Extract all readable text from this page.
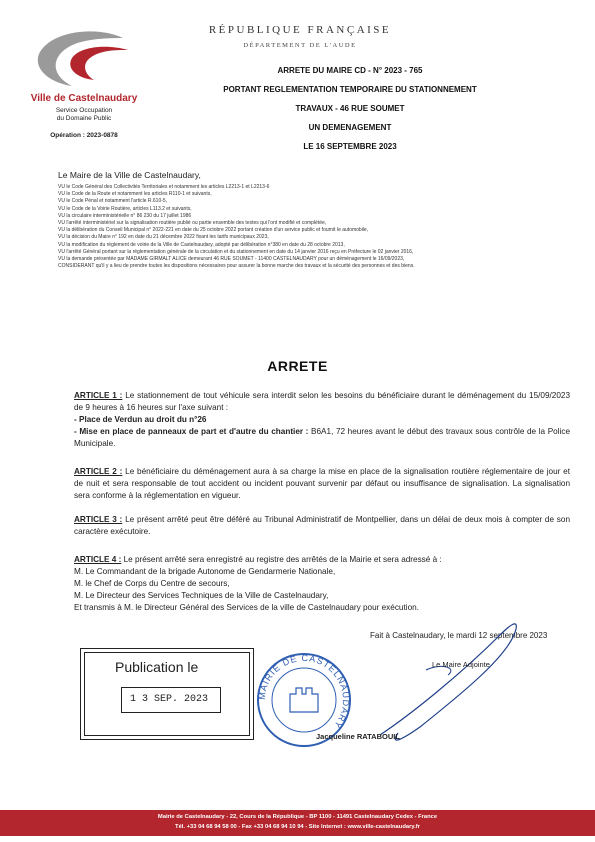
Ville de Castelnaudary
Service Occupation
du Domaine Public
Opération : 2023-0878
RÉPUBLIQUE FRANÇAISE
DÉPARTEMENT DE L'AUDE
ARRETE DU MAIRE CD - N° 2023 - 765
PORTANT REGLEMENTATION TEMPORAIRE DU STATIONNEMENT
TRAVAUX - 46 RUE SOUMET
UN DEMENAGEMENT
LE 16 SEPTEMBRE 2023
Le Maire de la Ville de Castelnaudary,
VU le Code Général des Collectivités Territoriales et notamment les articles L2213-1 et L2213-6
VU le Code de la Route et notamment les articles R110-1 et suivants,
VU le Code Pénal et notamment l'article R.610-5,
VU le Code de la Voirie Routière, articles L113.2 et suivants,
VU la circulaire interministérielle n° 86 230 du 17 juillet 1986
VU l'arrêté interministériel sur la signalisation routière publié ou partie ensemble des textes qui l'ont modifié et complétée,
VU la délibération du Conseil Municipal n° 2022-221 en date du 25 octobre 2022 portant création d'un service public et fournit le automobile,
VU la décision du Maire n° 192 en date du 21 décembre 2022 fixant les tarifs municipaux 2023,
VU la modification du règlement de voirie de la Ville de Castelnaudary, adopté par délibération n°380 en date du 28 octobre 2013,
VU l'arrêté Général portant sur la réglementation générale de la circulation et du stationnement en date du 14 janvier 2016 reçu en Préfecture le 02 janvier 2016,
VU la demande présentée par MADAME GIRMALT ALICE demeurant 46 RUE SOUMET - 11400 CASTELNAUDARY pour un déménagement le 16/09/2023,
CONSIDERANT qu'il y a lieu de prendre toutes les dispositions nécessaires pour assurer la bonne marche des travaux et la sécurité des personnes et des biens.
ARRETE
ARTICLE 1 : Le stationnement de tout véhicule sera interdit selon les besoins du bénéficiaire durant le déménagement du 15/09/2023 de 9 heures à 16 heures sur l'axe suivant :
- Place de Verdun au droit du n°26
- Mise en place de panneaux de part et d'autre du chantier : B6A1, 72 heures avant le début des travaux sous contrôle de la Police Municipale.
ARTICLE 2 : Le bénéficiaire du déménagement aura à sa charge la mise en place de la signalisation routière réglementaire de jour et de nuit et sera responsable de tout accident ou incident pouvant survenir par défaut ou insuffisance de signalisation. La signalisation sera conforme à la réglementation en vigueur.
ARTICLE 3 : Le présent arrêté peut être déféré au Tribunal Administratif de Montpellier, dans un délai de deux mois à compter de son caractère exécutoire.
ARTICLE 4 : Le présent arrêté sera enregistré au registre des arrêtés de la Mairie et sera adressé à :
M. Le Commandant de la brigade Autonome de Gendarmerie Nationale,
M. le Chef de Corps du Centre de secours,
M. Le Directeur des Services Techniques de la Ville de Castelnaudary,
Et transmis à M. le Directeur Général des Services de la ville de Castelnaudary pour exécution.
Fait à Castelnaudary, le mardi 12 septembre 2023
Le Maire Adjointe
Publication le
1 3 SEP. 2023	MAIRIE DE CASTELNAUDARY
Jacqueline RATABOUIL
Mairie de Castelnaudary - 22, Cours de la République - BP 1100 - 11491 Castelnaudary Cedex - France
Tél. +33 04 68 94 58 00 - Fax +33 04 68 94 10 94 - Site Internet : www.ville-castelnaudary.fr
